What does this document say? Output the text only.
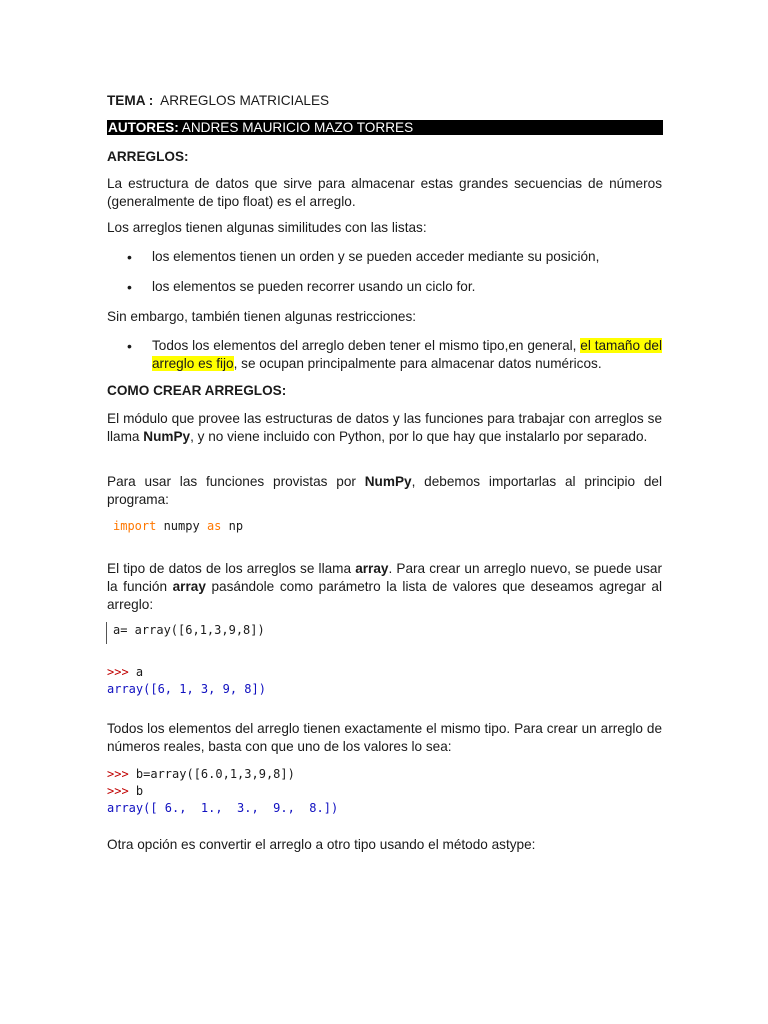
TEMA : ARREGLOS MATRICIALES
AUTORES: ANDRES MAURICIO MAZO TORRES
ARREGLOS:
La estructura de datos que sirve para almacenar estas grandes secuencias de números (generalmente de tipo float) es el arreglo.
Los arreglos tienen algunas similitudes con las listas:
• los elementos tienen un orden y se pueden acceder mediante su posición,
• los elementos se pueden recorrer usando un ciclo for.
Sin embargo, también tienen algunas restricciones:
• Todos los elementos del arreglo deben tener el mismo tipo,en general, el tamaño del arreglo es fijo, se ocupan principalmente para almacenar datos numéricos.
COMO CREAR ARREGLOS:
El módulo que provee las estructuras de datos y las funciones para trabajar con arreglos se llama NumPy, y no viene incluido con Python, por lo que hay que instalarlo por separado.
Para usar las funciones provistas por NumPy, debemos importarlas al principio del programa:
import numpy as np
El tipo de datos de los arreglos se llama array. Para crear un arreglo nuevo, se puede usar la función array pasándole como parámetro la lista de valores que deseamos agregar al arreglo:
a= array([6,1,3,9,8])
>>> a
array([6, 1, 3, 9, 8])
Todos los elementos del arreglo tienen exactamente el mismo tipo. Para crear un arreglo de números reales, basta con que uno de los valores lo sea:
>>> b=array([6.0,1,3,9,8])
>>> b
array([ 6.,  1.,  3.,  9.,  8.])
Otra opción es convertir el arreglo a otro tipo usando el método astype:
